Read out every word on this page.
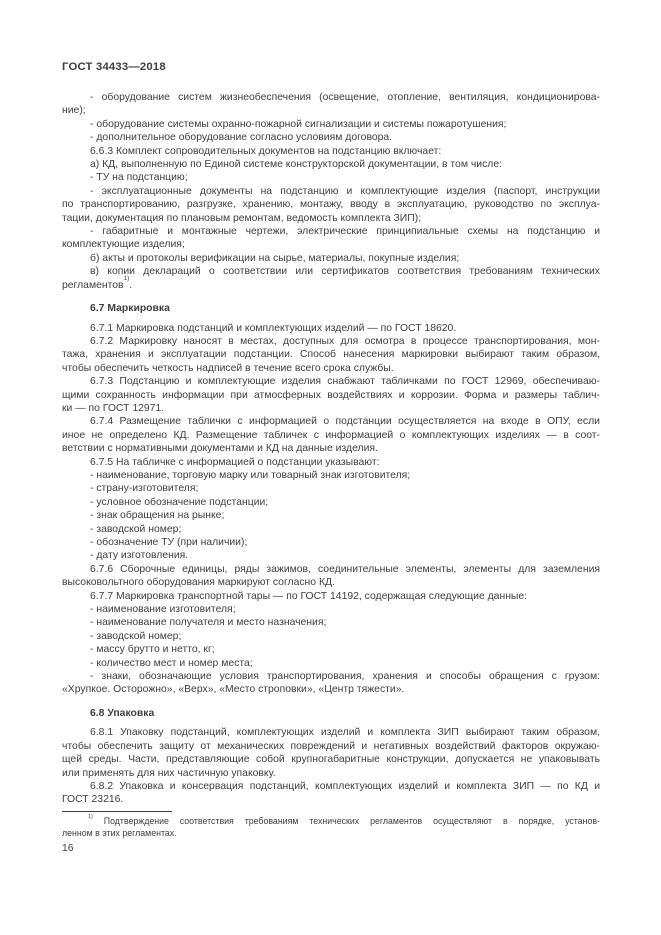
ГОСТ 34433—2018
- оборудование систем жизнеобеспечения (освещение, отопление, вентиляция, кондиционирова-
ние);
- оборудование системы охранно-пожарной сигнализации и системы пожаротушения;
- дополнительное оборудование согласно условиям договора.
6.6.3 Комплект сопроводительных документов на подстанцию включает:
а) КД, выполненную по Единой системе конструкторской документации, в том числе:
- ТУ на подстанцию;
- эксплуатационные документы на подстанцию и комплектующие изделия (паспорт, инструкции
по транспортированию, разгрузке, хранению, монтажу, вводу в эксплуатацию, руководство по эксплуа-
тации, документация по плановым ремонтам, ведомость комплекта ЗИП);
- габаритные и монтажные чертежи, электрические принципиальные схемы на подстанцию и
комплектующие изделия;
б) акты и протоколы верификации на сырье, материалы, покупные изделия;
в) копии деклараций о соответствии или сертификатов соответствия требованиям технических
регламентов$^{1)}$.
6.7 Маркировка
6.7.1 Маркировка подстанций и комплектующих изделий — по ГОСТ 18620.
6.7.2 Маркировку наносят в местах, доступных для осмотра в процессе транспортирования, мон-
тажа, хранения и эксплуатации подстанции. Способ нанесения маркировки выбирают таким образом,
чтобы обеспечить четкость надписей в течение всего срока службы.
6.7.3 Подстанцию и комплектующие изделия снабжают табличками по ГОСТ 12969, обеспечиваю-
щими сохранность информации при атмосферных воздействиях и коррозии. Форма и размеры таблич-
ки — по ГОСТ 12971.
6.7.4 Размещение таблички с информацией о подстанции осуществляется на входе в ОПУ, если
иное не определено КД. Размещение табличек с информацией о комплектующих изделиях — в соот-
ветствии с нормативными документами и КД на данные изделия.
6.7.5 На табличке с информацией о подстанции указывают:
- наименование, торговую марку или товарный знак изготовителя;
- страну-изготовителя;
- условное обозначение подстанции;
- знак обращения на рынке;
- заводской номер;
- обозначение ТУ (при наличии);
- дату изготовления.
6.7.6 Сборочные единицы, ряды зажимов, соединительные элементы, элементы для заземления
высоковольтного оборудования маркируют согласно КД.
6.7.7 Маркировка транспортной тары — по ГОСТ 14192, содержащая следующие данные:
- наименование изготовителя;
- наименование получателя и место назначения;
- заводской номер;
- массу брутто и нетто, кг;
- количество мест и номер места;
- знаки, обозначающие условия транспортирования, хранения и способы обращения с грузом:
«Хрупкое. Осторожно», «Верх», «Место строповки», «Центр тяжести».
6.8 Упаковка
6.8.1 Упаковку подстанций, комплектующих изделий и комплекта ЗИП выбирают таким образом,
чтобы обеспечить защиту от механических повреждений и негативных воздействий факторов окружаю-
щей среды. Части, представляющие собой крупногабаритные конструкции, допускается не упаковывать
или применять для них частичную упаковку.
6.8.2 Упаковка и консервация подстанций, комплектующих изделий и комплекта ЗИП — по КД и
ГОСТ 23216.
$^{1)}$ Подтверждение соответствия требованиям технических регламентов осуществляют в порядке, установ-
ленном в этих регламентах.
16
